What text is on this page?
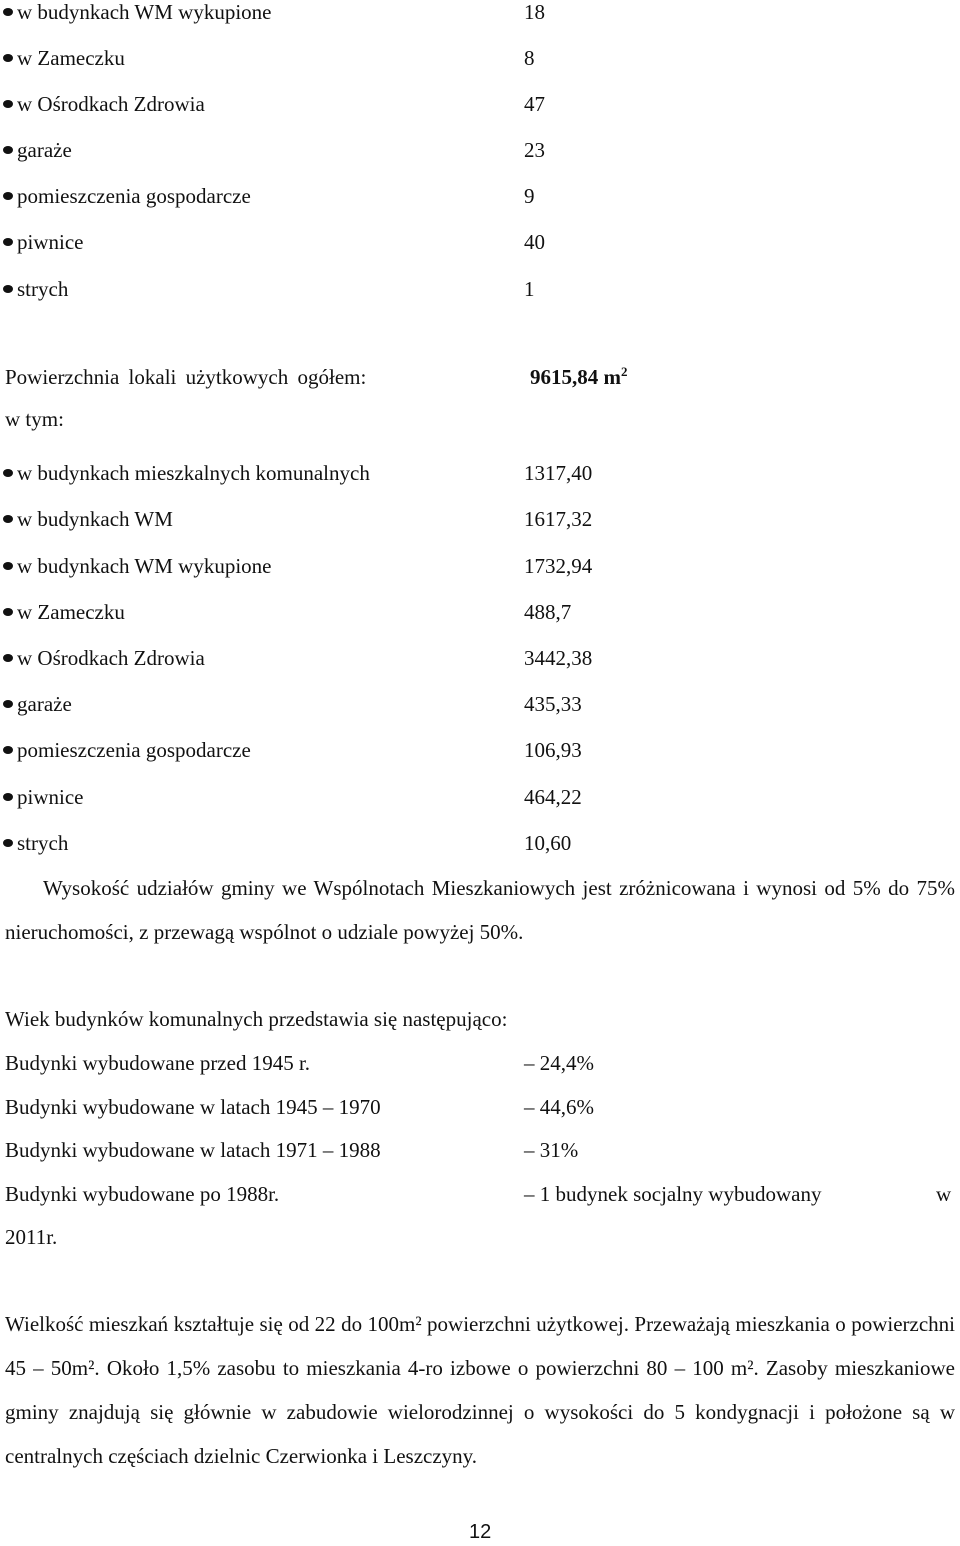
w budynkach WM wykupione	18
w Zameczku	8
w Ośrodkach Zdrowia	47
garaże	23
pomieszczenia gospodarcze	9
piwnice	40
strych	1
Powierzchnia lokali użytkowych ogółem:	9615,84 $m^2$
w tym:
w budynkach mieszkalnych komunalnych	1317,40
w budynkach WM	1617,32
w budynkach WM wykupione	1732,94
w Zameczku	488,7
w Ośrodkach Zdrowia	3442,38
garaże	435,33
pomieszczenia gospodarcze	106,93
piwnice	464,22
strych	10,60

Wysokość udziałów gminy we Wspólnotach Mieszkaniowych jest zróżnicowana i wynosi od 5% do 75% nieruchomości, z przewagą wspólnot o udziale powyżej 50%.

Wiek budynków komunalnych przedstawia się następująco:
Budynki wybudowane przed 1945 r.	– 24,4%
Budynki wybudowane w latach 1945 – 1970	– 44,6%
Budynki wybudowane w latach 1971 – 1988	– 31%
Budynki wybudowane po 1988r.	– 1 budynek socjalny wybudowany	w
2011r.

Wielkość mieszkań kształtuje się od 22 do 100m² powierzchni użytkowej. Przeważają mieszkania o powierzchni 45 – 50m². Około 1,5% zasobu to mieszkania 4-ro izbowe o powierzchni 80 – 100 m². Zasoby mieszkaniowe gminy znajdują się głównie w zabudowie wielorodzinnej o wysokości do 5 kondygnacji i położone są w centralnych częściach dzielnic Czerwionka i Leszczyny.

12
